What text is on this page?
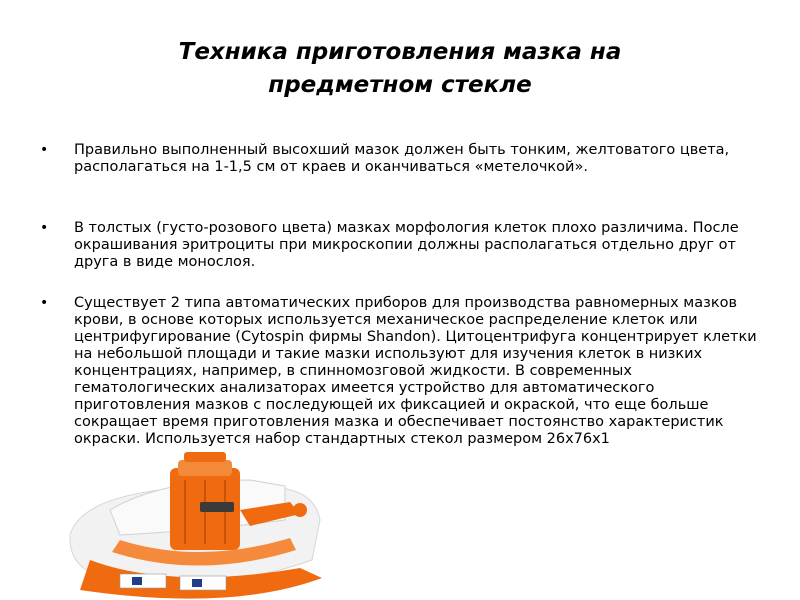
Техника приготовления мазка на предметном стекле
•	Правильно выполненный высохший мазок должен быть тонким, желтоватого цвета, располагаться на 1-1,5 см от краев и оканчиваться «метелочкой».
•	В толстых (густо-розового цвета) мазках морфология клеток плохо различима. После окрашивания эритроциты при микроскопии должны располагаться отдельно друг от друга в виде монослоя.
•	Существует 2 типа автоматических приборов для производства равномерных мазков крови, в основе которых используется механическое распределение клеток или центрифугирование (Cytospin фирмы Shandon). Цитоцентрифуга концентрирует клетки на небольшой площади и такие мазки используют для изучения клеток в низких концентрациях, например, в спинномозговой жидкости. В современных гематологических анализаторах имеется устройство для автоматического приготовления мазков с последующей их фиксацией и окраской, что еще больше сокращает время приготовления мазка и обеспечивает постоянство характеристик окраски. Используется набор стандартных стекол размером 26х76х1
